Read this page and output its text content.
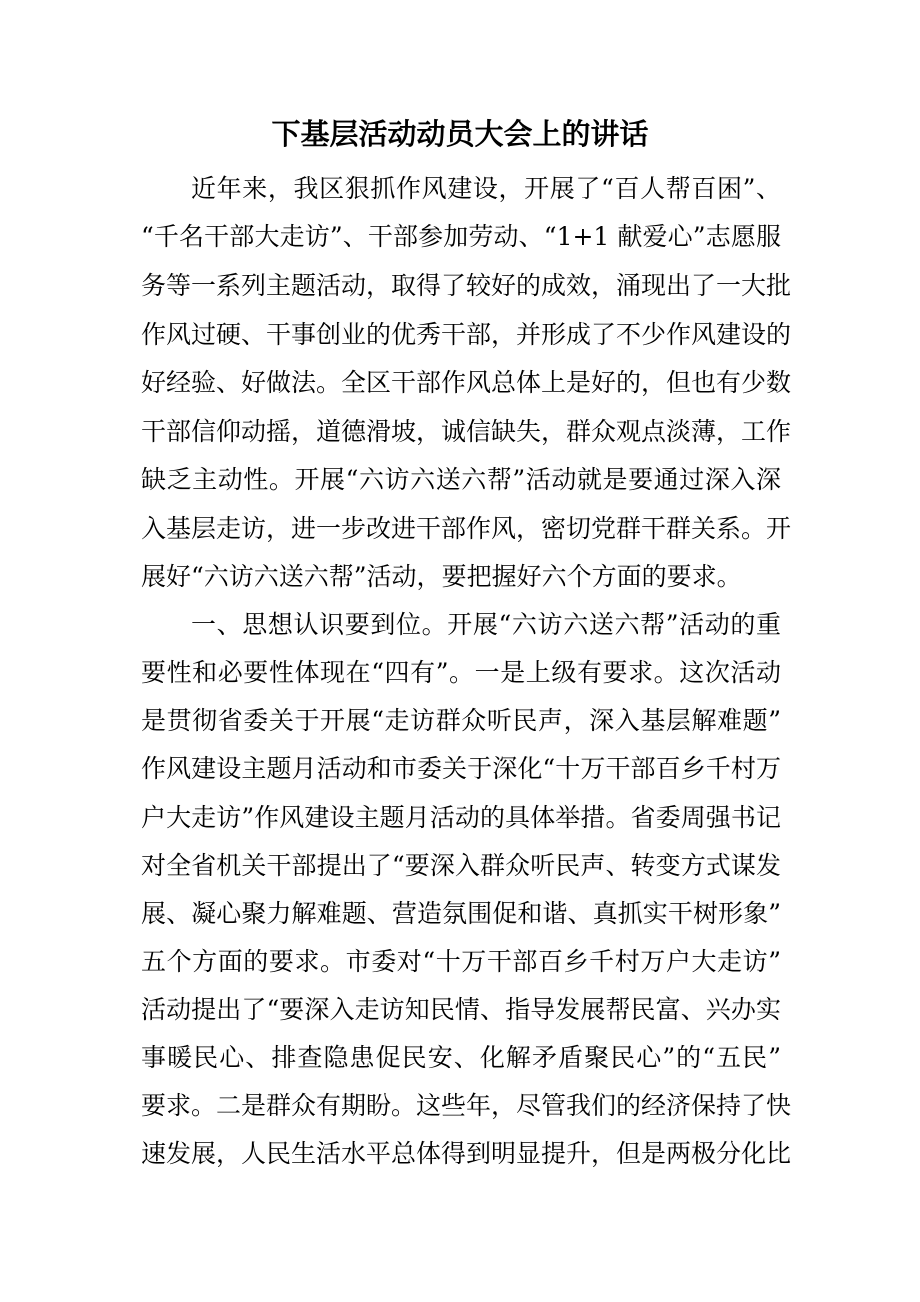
下基层活动动员大会上的讲话
近年来，我区狠抓作风建设，开展了“百人帮百困”、
“千名干部大走访”、干部参加劳动、“1+1 献爱心”志愿服
务等一系列主题活动，取得了较好的成效，涌现出了一大批
作风过硬、干事创业的优秀干部，并形成了不少作风建设的
好经验、好做法。全区干部作风总体上是好的，但也有少数
干部信仰动摇，道德滑坡，诚信缺失，群众观点淡薄，工作
缺乏主动性。开展“六访六送六帮”活动就是要通过深入深
入基层走访，进一步改进干部作风，密切党群干群关系。开
展好“六访六送六帮”活动，要把握好六个方面的要求。
一、思想认识要到位。开展“六访六送六帮”活动的重
要性和必要性体现在“四有”。一是上级有要求。这次活动
是贯彻省委关于开展“走访群众听民声，深入基层解难题”
作风建设主题月活动和市委关于深化“十万干部百乡千村万
户大走访”作风建设主题月活动的具体举措。省委周强书记
对全省机关干部提出了“要深入群众听民声、转变方式谋发
展、凝心聚力解难题、营造氛围促和谐、真抓实干树形象”
五个方面的要求。市委对“十万干部百乡千村万户大走访”
活动提出了“要深入走访知民情、指导发展帮民富、兴办实
事暖民心、排查隐患促民安、化解矛盾聚民心”的“五民”
要求。二是群众有期盼。这些年，尽管我们的经济保持了快
速发展，人民生活水平总体得到明显提升，但是两极分化比
